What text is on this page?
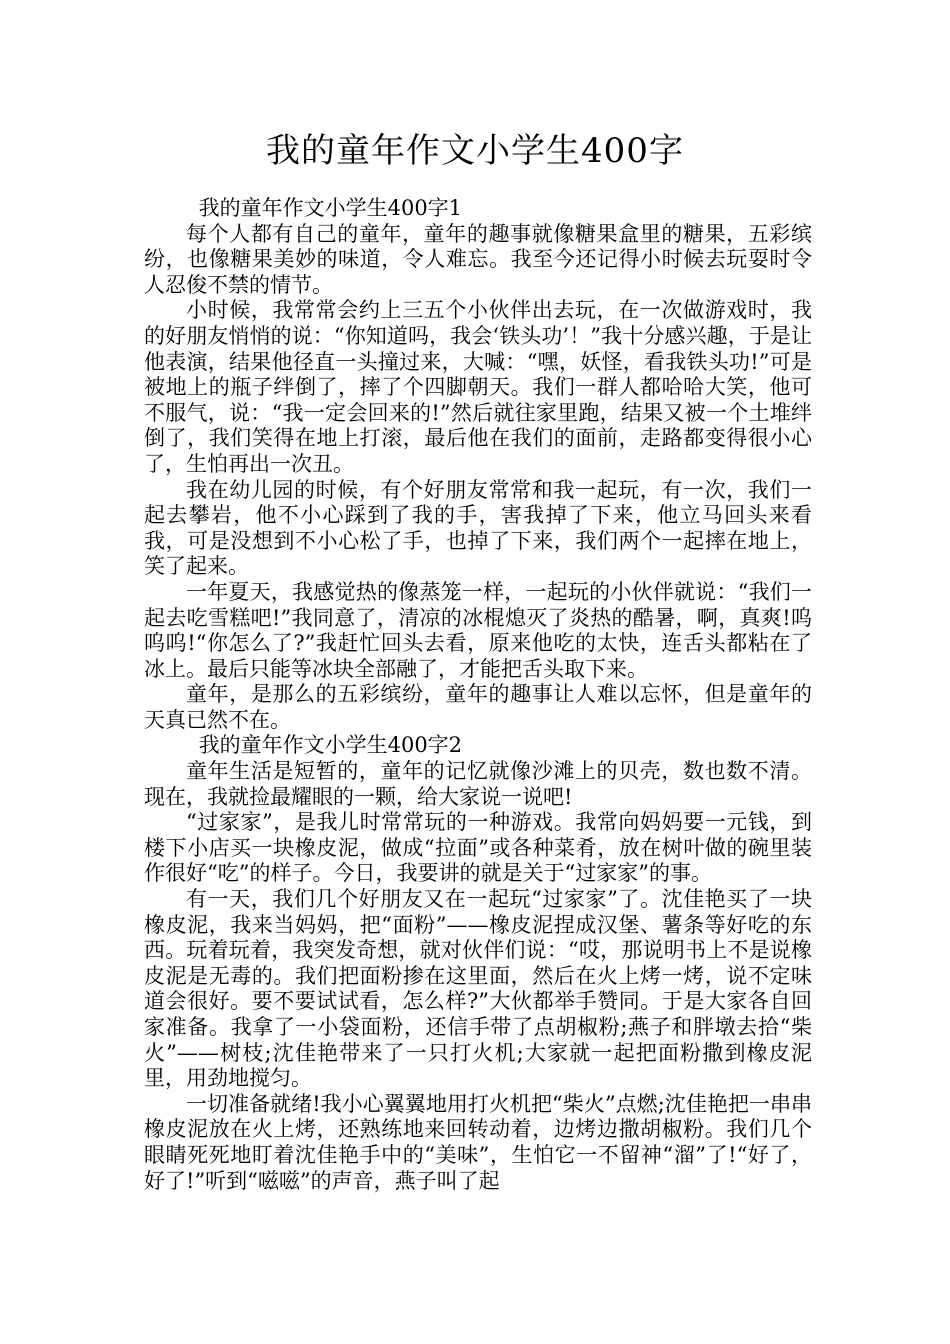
我的童年作文小学生400字

我的童年作文小学生400字1

每个人都有自己的童年，童年的趣事就像糖果盒里的糖果，五彩缤纷，也像糖果美妙的味道，令人难忘。我至今还记得小时候去玩耍时令人忍俊不禁的情节。

小时候，我常常会约上三五个小伙伴出去玩，在一次做游戏时，我的好朋友悄悄的说：“你知道吗，我会‘铁头功’！”我十分感兴趣，于是让他表演，结果他径直一头撞过来，大喊：“嘿，妖怪，看我铁头功!”可是被地上的瓶子绊倒了，摔了个四脚朝天。我们一群人都哈哈大笑，他可不服气，说：“我一定会回来的!”然后就往家里跑，结果又被一个土堆绊倒了，我们笑得在地上打滚，最后他在我们的面前，走路都变得很小心了，生怕再出一次丑。

我在幼儿园的时候，有个好朋友常常和我一起玩，有一次，我们一起去攀岩，他不小心踩到了我的手，害我掉了下来，他立马回头来看我，可是没想到不小心松了手，也掉了下来，我们两个一起摔在地上，笑了起来。

一年夏天，我感觉热的像蒸笼一样，一起玩的小伙伴就说：“我们一起去吃雪糕吧!”我同意了，清凉的冰棍熄灭了炎热的酷暑，啊，真爽!呜呜呜!“你怎么了?”我赶忙回头去看，原来他吃的太快，连舌头都粘在了冰上。最后只能等冰块全部融了，才能把舌头取下来。

童年，是那么的五彩缤纷，童年的趣事让人难以忘怀，但是童年的天真已然不在。

我的童年作文小学生400字2

童年生活是短暂的，童年的记忆就像沙滩上的贝壳，数也数不清。现在，我就捡最耀眼的一颗，给大家说一说吧!

“过家家”，是我儿时常常玩的一种游戏。我常向妈妈要一元钱，到楼下小店买一块橡皮泥，做成“拉面”或各种菜肴，放在树叶做的碗里装作很好“吃”的样子。今日，我要讲的就是关于“过家家”的事。

有一天，我们几个好朋友又在一起玩“过家家”了。沈佳艳买了一块橡皮泥，我来当妈妈，把“面粉”——橡皮泥捏成汉堡、薯条等好吃的东西。玩着玩着，我突发奇想，就对伙伴们说：“哎，那说明书上不是说橡皮泥是无毒的。我们把面粉掺在这里面，然后在火上烤一烤，说不定味道会很好。要不要试试看，怎么样?”大伙都举手赞同。于是大家各自回家准备。我拿了一小袋面粉，还信手带了点胡椒粉;燕子和胖墩去拾“柴火”——树枝;沈佳艳带来了一只打火机;大家就一起把面粉撒到橡皮泥里，用劲地搅匀。

一切准备就绪!我小心翼翼地用打火机把“柴火”点燃;沈佳艳把一串串橡皮泥放在火上烤，还熟练地来回转动着，边烤边撒胡椒粉。我们几个眼睛死死地盯着沈佳艳手中的“美味”，生怕它一不留神“溜”了!“好了，好了!”听到“嗞嗞”的声音，燕子叫了起
